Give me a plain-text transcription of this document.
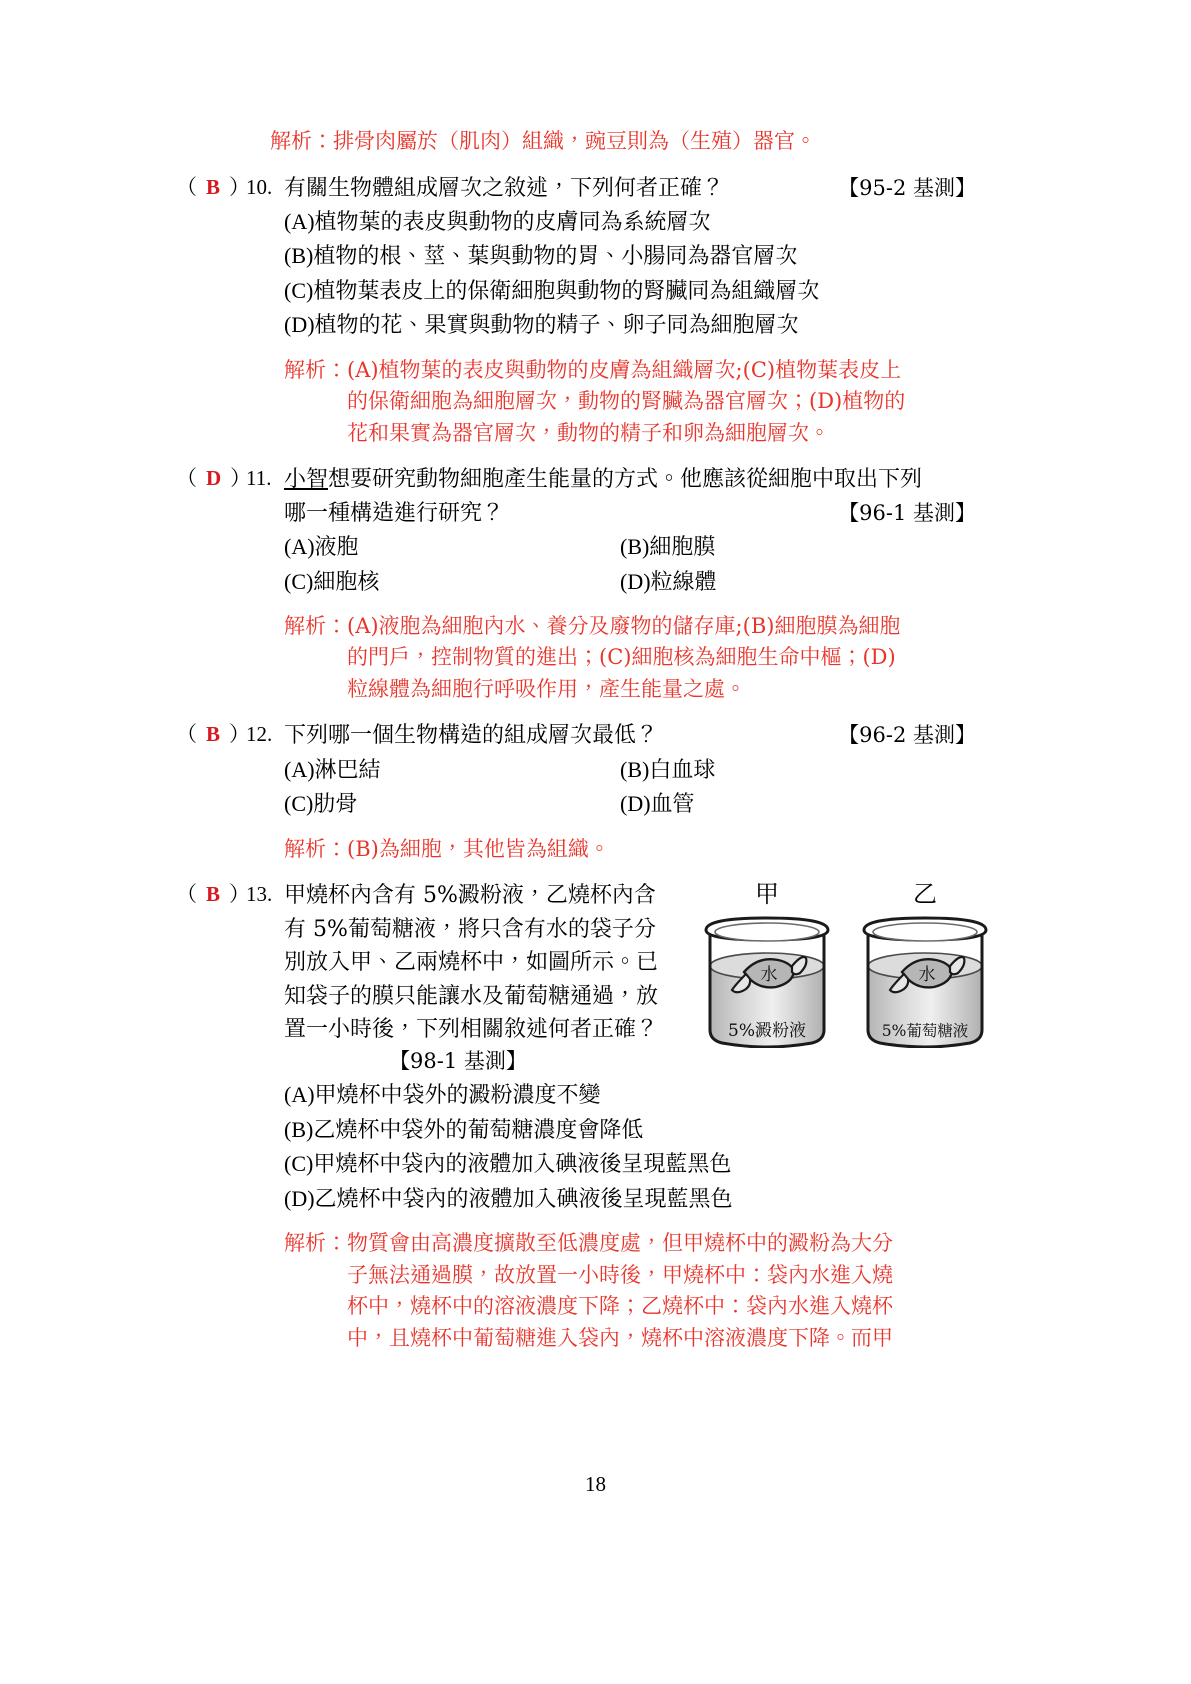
解析： 排骨肉屬於（肌肉）組織，豌豆則為（生殖）器官。
（ B ）
10. 有關生物體組成層次之敘述，下列何者正確？	【95-2 基測】
(A)植物葉的表皮與動物的皮膚同為系統層次
(B)植物的根、莖、葉與動物的胃、小腸同為器官層次
(C)植物葉表皮上的保衛細胞與動物的腎臟同為組織層次
(D)植物的花、果實與動物的精子、卵子同為細胞層次
解析： (A)植物葉的表皮與動物的皮膚為組織層次;(C)植物葉表皮上

的保衛細胞為細胞層次，動物的腎臟為器官層次；(D)植物的

花和果實為器官層次，動物的精子和卵為細胞層次。

（ D ）
11. 小智想要研究動物細胞產生能量的方式。他應該從細胞中取出下列
哪一種構造進行研究？	【96-1 基測】
(A)液胞	(B)細胞膜
(C)細胞核	(D)粒線體
解析： (A)液胞為細胞內水、養分及廢物的儲存庫;(B)細胞膜為細胞

的門戶，控制物質的進出；(C)細胞核為細胞生命中樞；(D)

粒線體為細胞行呼吸作用，產生能量之處。

（ B ）
12. 下列哪一個生物構造的組成層次最低？	【96-2 基測】
(A)淋巴結	(B)白血球
(C)肋骨	(D)血管
解析： (B)為細胞，其他皆為組織。
（ B ）
13. 甲燒杯內含有 5%澱粉液，乙燒杯內含

有 5%葡萄糖液，將只含有水的袋子分

別放入甲、乙兩燒杯中，如圖所示。已

知袋子的膜只能讓水及葡萄糖通過，放

置一小時後，下列相關敘述何者正確？

【98-1 基測】

甲
水
5%澱粉液
乙
水
5%葡萄糖液
(A)甲燒杯中袋外的澱粉濃度不變
(B)乙燒杯中袋外的葡萄糖濃度會降低
(C)甲燒杯中袋內的液體加入碘液後呈現藍黑色
(D)乙燒杯中袋內的液體加入碘液後呈現藍黑色
解析： 物質會由高濃度擴散至低濃度處，但甲燒杯中的澱粉為大分

子無法通過膜，故放置一小時後，甲燒杯中：袋內水進入燒

杯中，燒杯中的溶液濃度下降；乙燒杯中：袋內水進入燒杯

中，且燒杯中葡萄糖進入袋內，燒杯中溶液濃度下降。而甲

18
